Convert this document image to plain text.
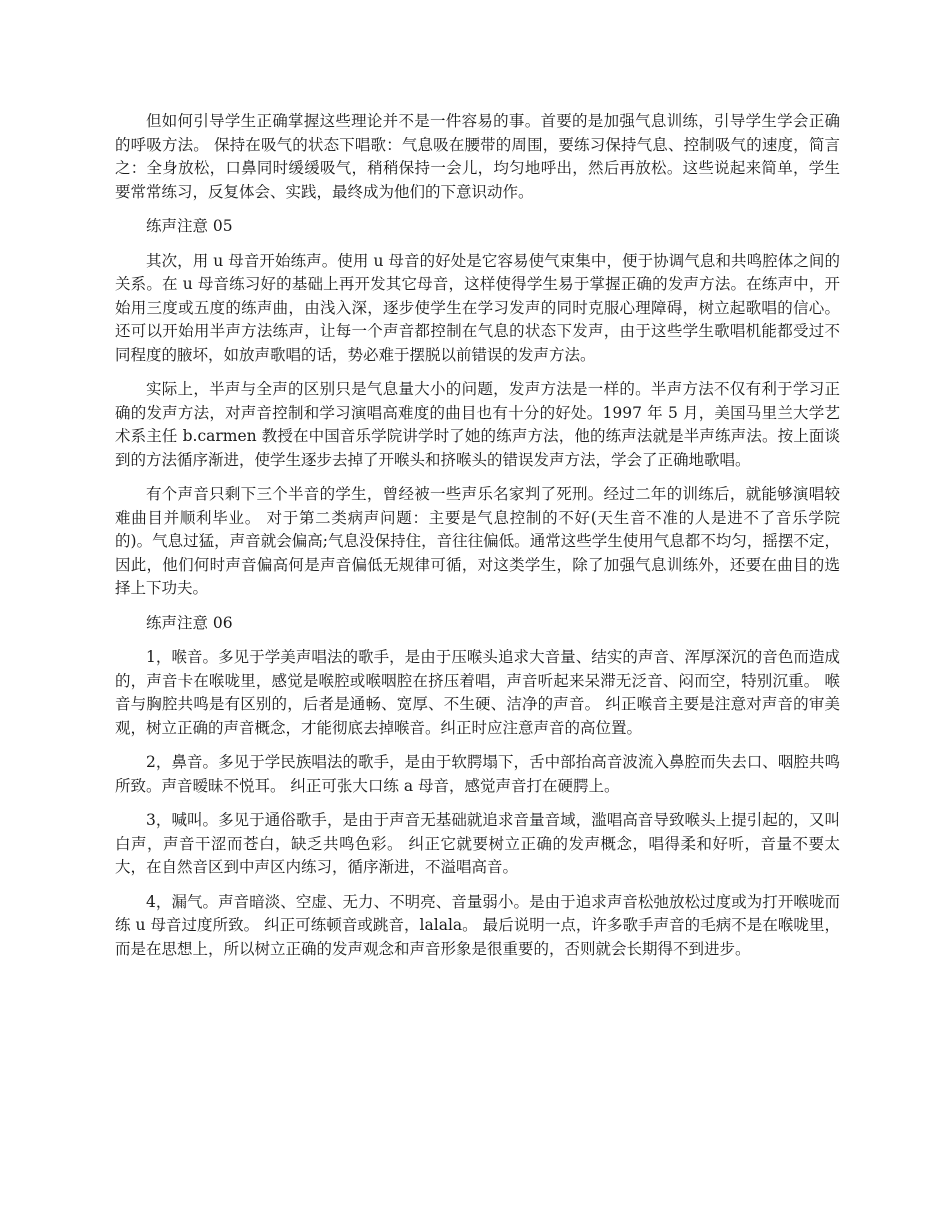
但如何引导学生正确掌握这些理论并不是一件容易的事。首要的是加强气息训练，引导学生学会正确的呼吸方法。 保持在吸气的状态下唱歌：气息吸在腰带的周围，要练习保持气息、控制吸气的速度，简言之：全身放松，口鼻同时缓缓吸气，稍稍保持一会儿，均匀地呼出，然后再放松。这些说起来简单，学生要常常练习，反复体会、实践，最终成为他们的下意识动作。

练声注意 05

其次，用 u 母音开始练声。使用 u 母音的好处是它容易使气束集中，便于协调气息和共鸣腔体之间的关系。在 u 母音练习好的基础上再开发其它母音，这样使得学生易于掌握正确的发声方法。在练声中，开始用三度或五度的练声曲，由浅入深，逐步使学生在学习发声的同时克服心理障碍，树立起歌唱的信心。还可以开始用半声方法练声，让每一个声音都控制在气息的状态下发声，由于这些学生歌唱机能都受过不同程度的腋坏，如放声歌唱的话，势必难于摆脱以前错误的发声方法。

实际上，半声与全声的区别只是气息量大小的问题，发声方法是一样的。半声方法不仅有利于学习正确的发声方法，对声音控制和学习演唱高难度的曲目也有十分的好处。1997 年 5 月，美国马里兰大学艺术系主任 b.carmen 教授在中国音乐学院讲学时了她的练声方法，他的练声法就是半声练声法。按上面谈到的方法循序渐进，使学生逐步去掉了开喉头和挤喉头的错误发声方法，学会了正确地歌唱。

有个声音只剩下三个半音的学生，曾经被一些声乐名家判了死刑。经过二年的训练后，就能够演唱较难曲目并顺利毕业。 对于第二类病声问题：主要是气息控制的不好(天生音不准的人是进不了音乐学院的)。气息过猛，声音就会偏高;气息没保持住，音往往偏低。通常这些学生使用气息都不均匀，摇摆不定，因此，他们何时声音偏高何是声音偏低无规律可循，对这类学生，除了加强气息训练外，还要在曲目的选择上下功夫。

练声注意 06

1，喉音。多见于学美声唱法的歌手，是由于压喉头追求大音量、结实的声音、浑厚深沉的音色而造成的，声音卡在喉咙里，感觉是喉腔或喉咽腔在挤压着唱，声音听起来呆滞无泛音、闷而空，特别沉重。 喉音与胸腔共鸣是有区别的，后者是通畅、宽厚、不生硬、洁净的声音。 纠正喉音主要是注意对声音的审美观，树立正确的声音概念，才能彻底去掉喉音。纠正时应注意声音的高位置。

2，鼻音。多见于学民族唱法的歌手，是由于软腭塌下，舌中部抬高音波流入鼻腔而失去口、咽腔共鸣所致。声音暧昧不悦耳。 纠正可张大口练 a 母音，感觉声音打在硬腭上。

3，喊叫。多见于通俗歌手，是由于声音无基础就追求音量音域，滥唱高音导致喉头上提引起的，又叫白声，声音干涩而苍白，缺乏共鸣色彩。 纠正它就要树立正确的发声概念，唱得柔和好听，音量不要太大，在自然音区到中声区内练习，循序渐进，不溢唱高音。

4，漏气。声音暗淡、空虚、无力、不明亮、音量弱小。是由于追求声音松弛放松过度或为打开喉咙而练 u 母音过度所致。 纠正可练顿音或跳音，lalala。 最后说明一点，许多歌手声音的毛病不是在喉咙里，而是在思想上，所以树立正确的发声观念和声音形象是很重要的，否则就会长期得不到进步。
